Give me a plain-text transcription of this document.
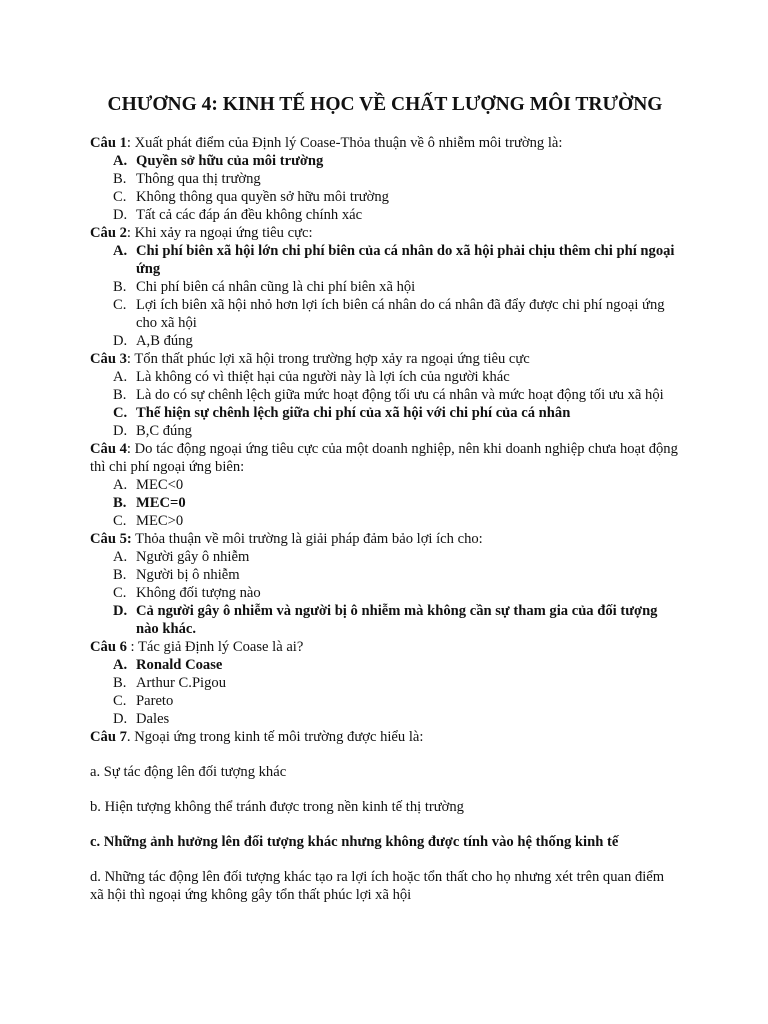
CHƯƠNG 4: KINH TẾ HỌC VỀ CHẤT LƯỢNG MÔI TRƯỜNG
Câu 1: Xuất phát điểm của Định lý Coase-Thỏa thuận về ô nhiễm môi trường là:
A. Quyền sở hữu của môi trường
B. Thông qua thị trường
C. Không thông qua quyền sở hữu môi trường
D. Tất cả các đáp án đều không chính xác
Câu 2: Khi xảy ra ngoại ứng tiêu cực:
A. Chi phí biên xã hội lớn chi phí biên của cá nhân do xã hội phải chịu thêm chi phí ngoại ứng
B. Chi phí biên cá nhân cũng là chi phí biên xã hội
C. Lợi ích biên xã hội nhỏ hơn lợi ích biên cá nhân do cá nhân đã đẩy được chi phí ngoại ứng cho xã hội
D. A,B đúng
Câu 3: Tổn thất phúc lợi xã hội trong trường hợp xảy ra ngoại ứng tiêu cực
A. Là không có vì thiệt hại của người này là lợi ích của người khác
B. Là do có sự chênh lệch giữa mức hoạt động tối ưu cá nhân và mức hoạt động tối ưu xã hội
C. Thể hiện sự chênh lệch giữa chi phí của xã hội với chi phí của cá nhân
D. B,C đúng
Câu 4: Do tác động ngoại ứng tiêu cực của một doanh nghiệp, nên khi doanh nghiệp chưa hoạt động thì chi phí ngoại ứng biên:
A. MEC<0
B. MEC=0
C. MEC>0
Câu 5: Thỏa thuận về môi trường là giải pháp đảm bảo lợi ích cho:
A. Người gây ô nhiễm
B. Người bị ô nhiễm
C. Không đối tượng nào
D. Cả người gây ô nhiễm và người bị ô nhiễm mà không cần sự tham gia của đối tượng nào khác.
Câu 6 : Tác giả Định lý Coase là ai?
A. Ronald Coase
B. Arthur C.Pigou
C. Pareto
D. Dales
Câu 7. Ngoại ứng trong kinh tế môi trường được hiểu là:

a. Sự tác động lên đối tượng khác

b. Hiện tượng không thể tránh được trong nền kinh tế thị trường

c. Những ảnh hưởng lên đối tượng khác nhưng không được tính vào hệ thống kinh tế

d. Những tác động lên đối tượng khác tạo ra lợi ích hoặc tổn thất cho họ nhưng xét trên quan điểm xã hội thì ngoại ứng không gây tổn thất phúc lợi xã hội
